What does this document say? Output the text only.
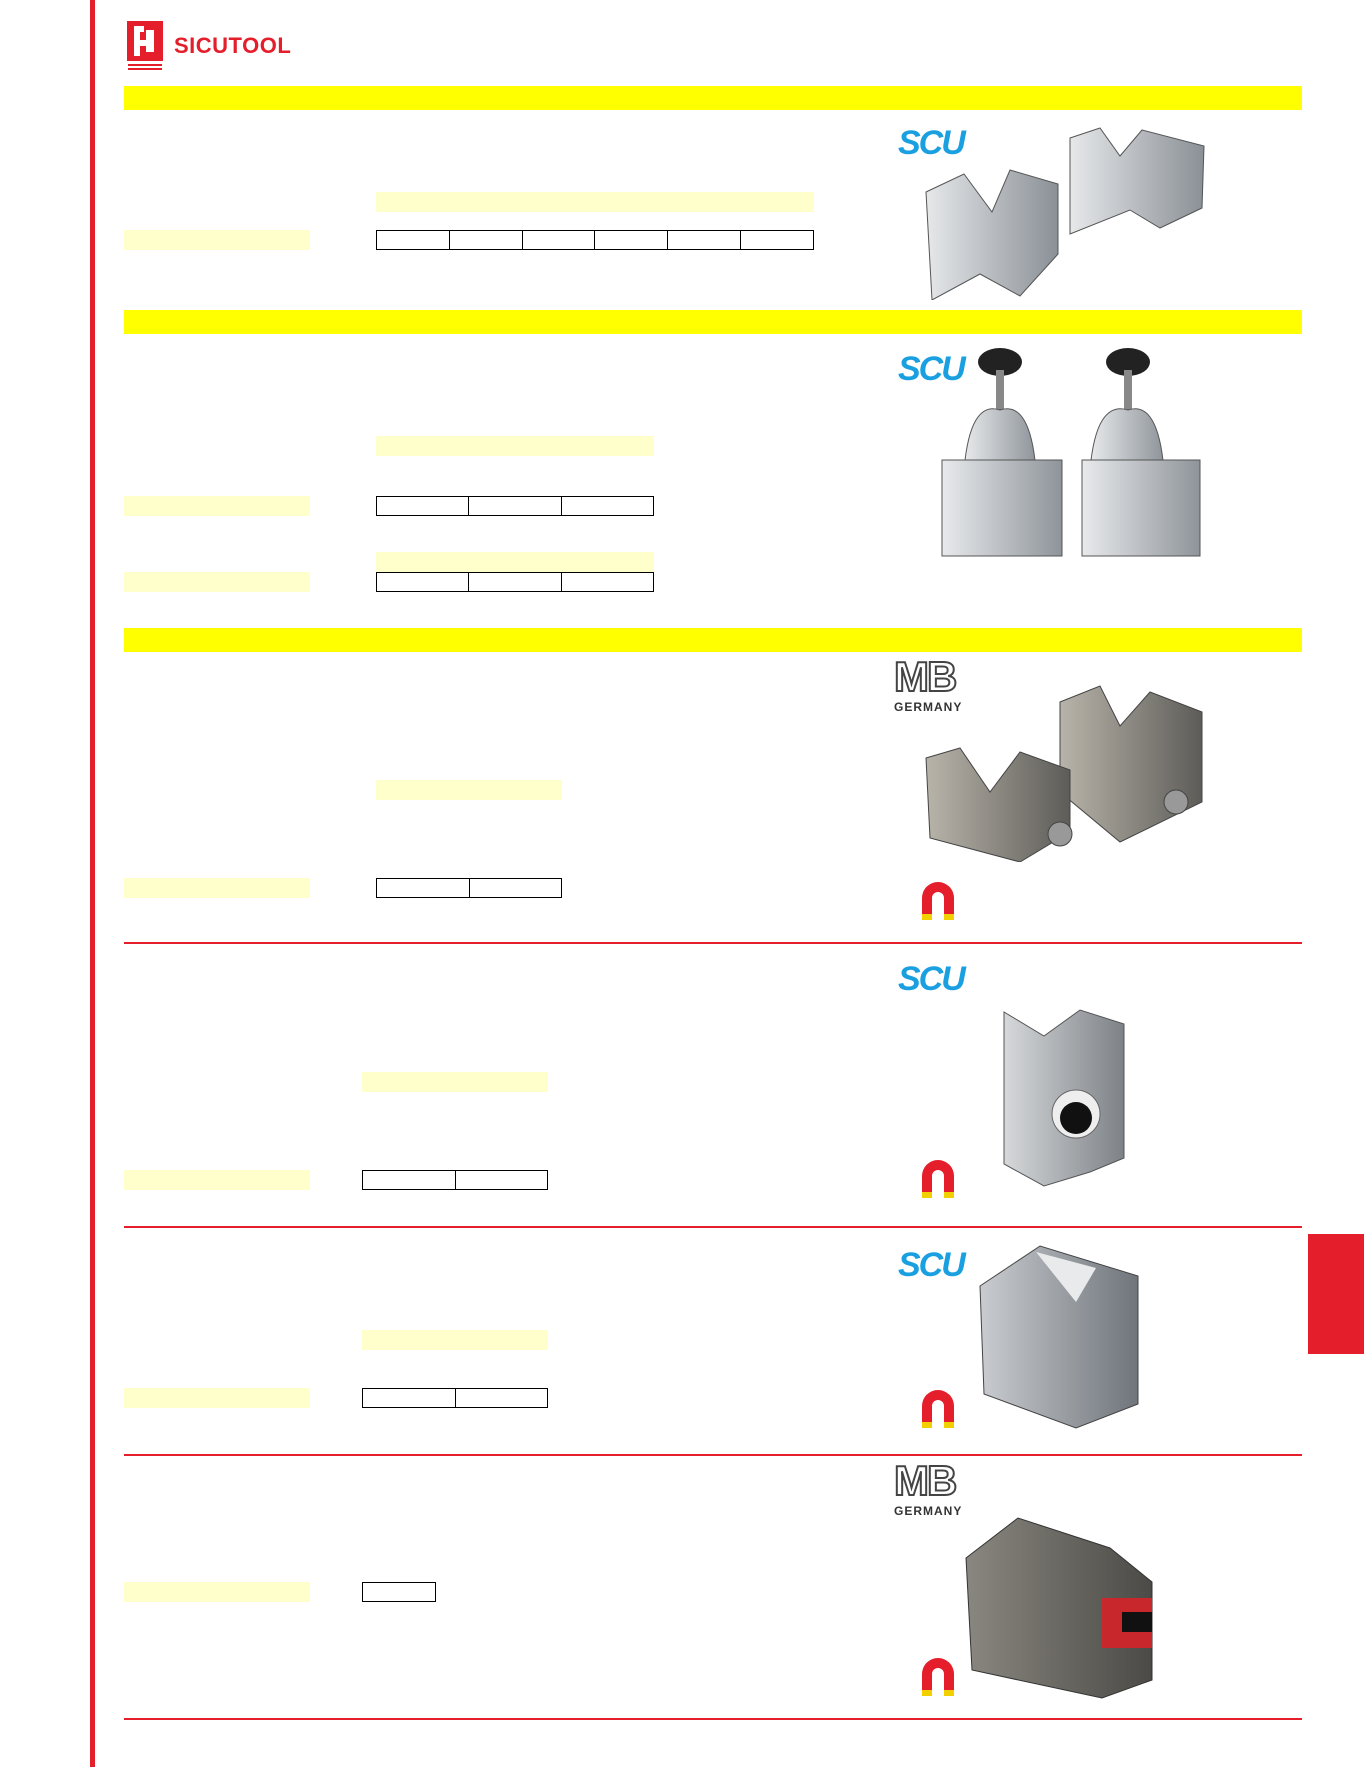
SICUTOOL
SCU
SCU
MB
GERMANY
SCU
SCU
MB
GERMANY
